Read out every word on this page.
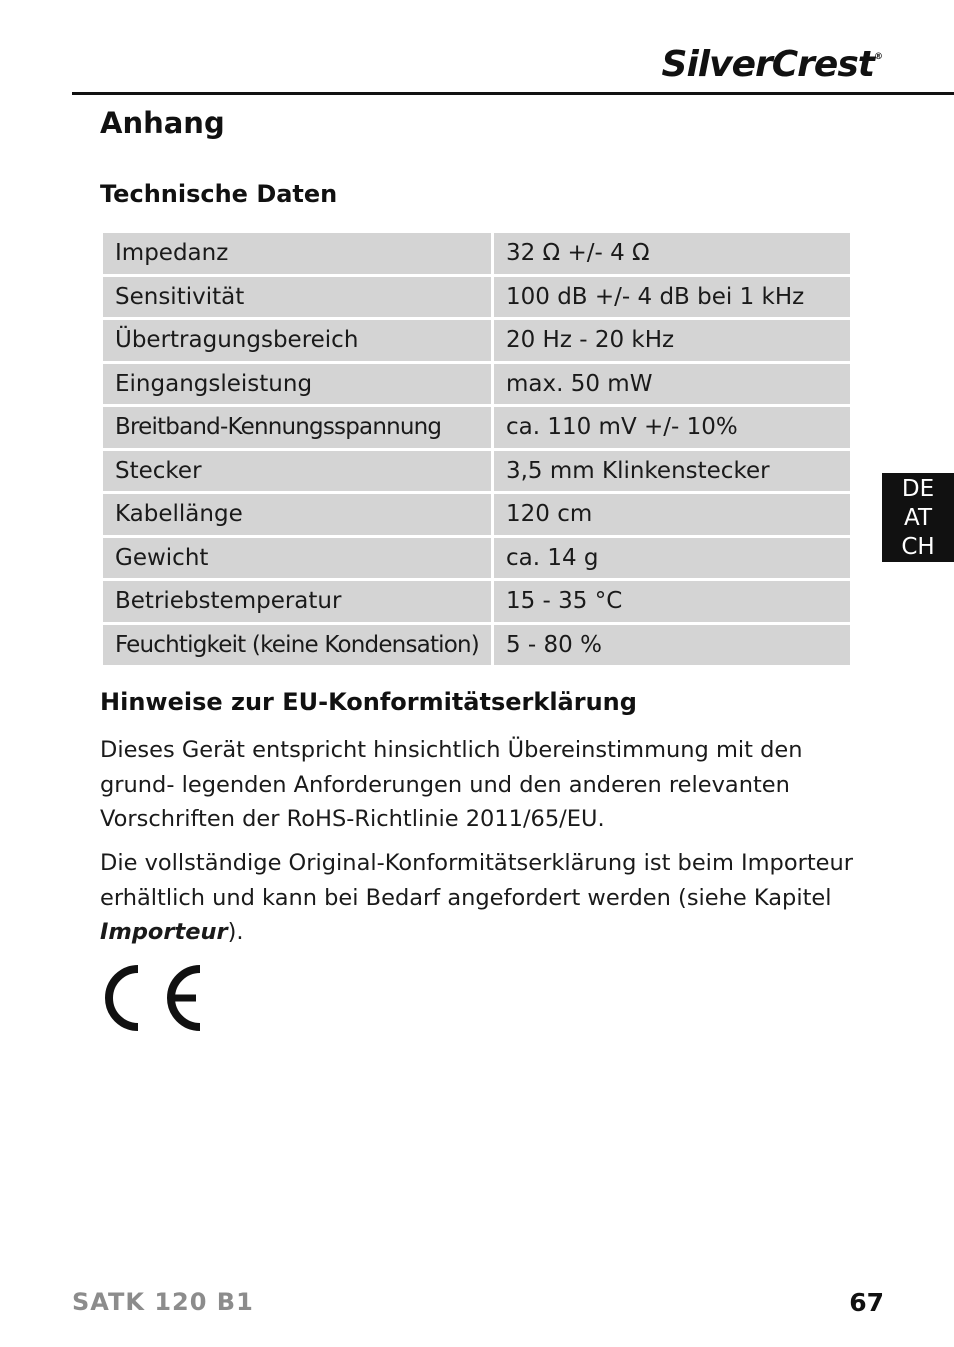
SilverCrest®
Anhang
Technische Daten
Impedanz	32 Ω +/- 4 Ω
Sensitivität	100 dB +/- 4 dB bei 1 kHz
Übertragungsbereich	20 Hz - 20 kHz
Eingangsleistung	max. 50 mW
Breitband-Kennungsspannung	ca. 110 mV +/- 10%
Stecker	3,5 mm Klinkenstecker
Kabellänge	120 cm
Gewicht	ca. 14 g
Betriebstemperatur	15 - 35 °C
Feuchtigkeit (keine Kondensation)	5 - 80 %
Hinweise zur EU-Konformitätserklärung

Dieses Gerät entspricht hinsichtlich Übereinstimmung mit den grund- legenden Anforderungen und den anderen relevanten Vorschriften der RoHS-Richtlinie 2011/65/EU.

Die vollständige Original-Konformitätserklärung ist beim Importeur erhältlich und kann bei Bedarf angefordert werden (siehe Kapitel Importeur).

DE
AT
CH
SATK 120 B1	67
